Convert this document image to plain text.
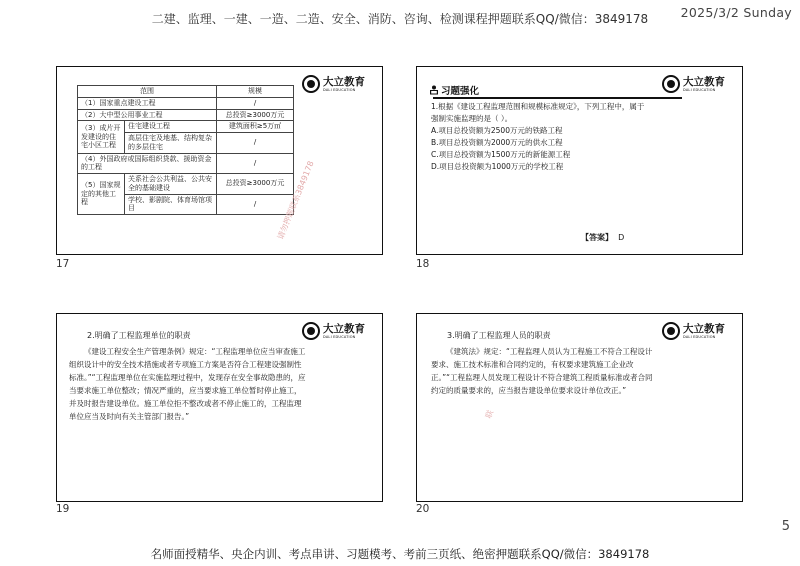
二建、监理、一建、一造、二造、安全、消防、咨询、检测课程押题联系QQ/微信：3849178	2025/3/2 Sunday
范围		规模
（1）国家重点建设工程		/
（2）大中型公用事业工程		总投资≥3000万元
（3）成片开发建设的住宅小区工程	住宅建设工程	建筑面积≥5万㎡
	高层住宅及地基、结构复杂的多层住宅	/
（4）外国政府或国际组织贷款、援助资金的工程		/
（5）国家规定的其他工程	关系社会公共利益、公共安全的基础建设	总投资≥3000万元
	学校、影剧院、体育场馆项目	/ 请勿押题联系3849178
大立教育
DALI EDUCATION
17
习题强化

1.根据《建设工程监理范围和规模标准规定》，下列工程中，属于强制实施监理的是（ ）。

A.项目总投资额为2500万元的铁路工程

B.项目总投资额为2000万元的供水工程

C.项目总投资额为1500万元的新能源工程

D.项目总投资额为1000万元的学校工程

【答案】 D
大立教育
DALI EDUCATION
18
2.明确了工程监理单位的职责
《建设工程安全生产管理条例》规定：“工程监理单位应当审查施工组织设计中的安全技术措施或者专项施工方案是否符合工程建设强制性标准。”“工程监理单位在实施监理过程中，发现存在安全事故隐患的，应当要求施工单位整改；情况严重的，应当要求施工单位暂时停止施工，并及时报告建设单位。施工单位拒不整改或者不停止施工的，工程监理单位应当及时向有关主管部门报告。”
大立教育
DALI EDUCATION
19
3.明确了工程监理人员的职责
《建筑法》规定：“工程监理人员认为工程施工不符合工程设计要求、施工技术标准和合同约定的，有权要求建筑施工企业改正。”“工程监理人员发现工程设计不符合建筑工程质量标准或者合同约定的质量要求的，应当报告建设单位要求设计单位改正。”
联
大立教育
DALI EDUCATION
20
5
名师面授精华、央企内训、考点串讲、习题模考、考前三页纸、绝密押题联系QQ/微信：3849178
